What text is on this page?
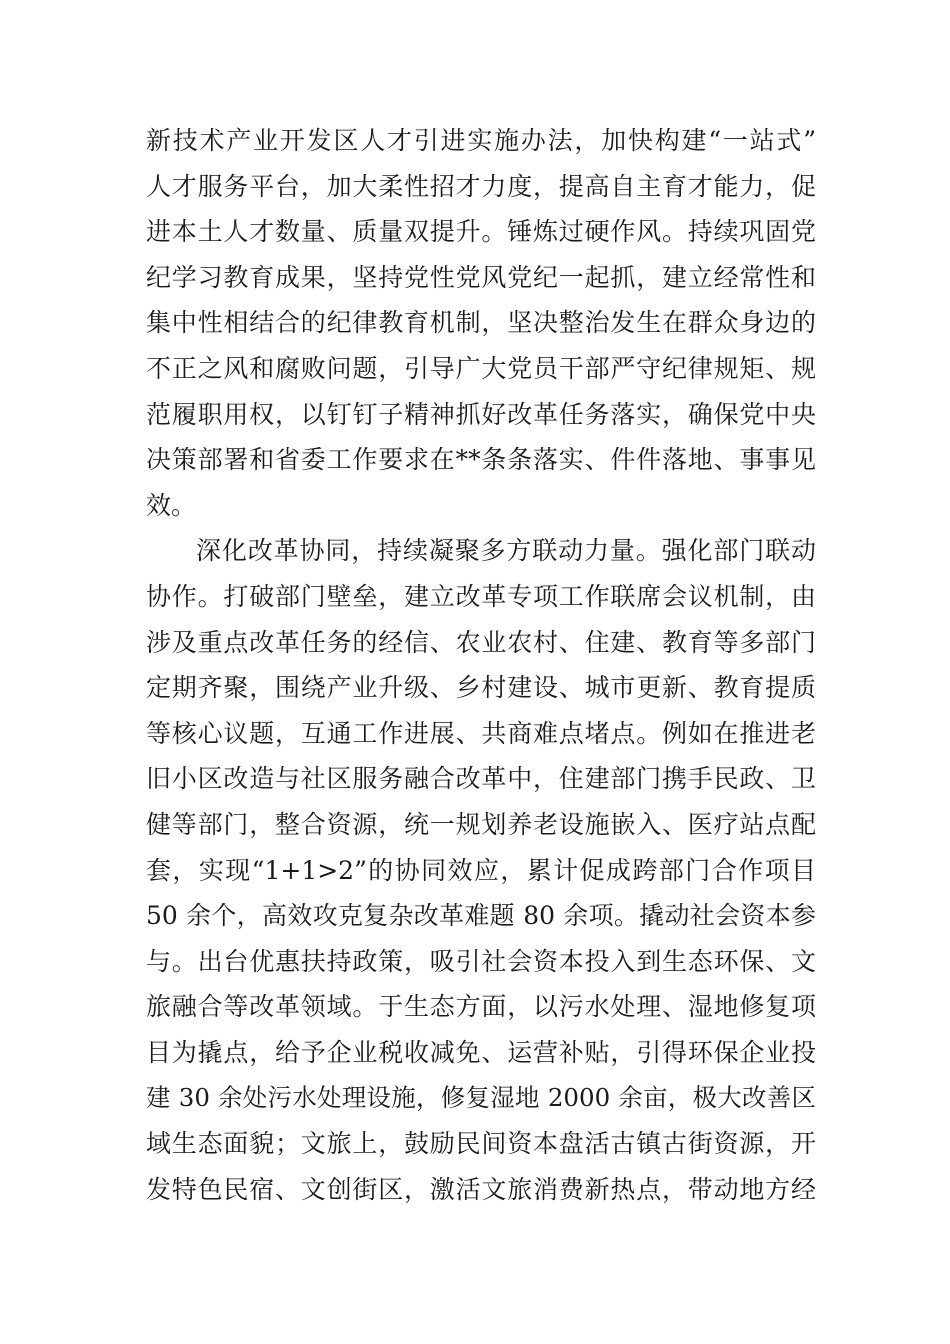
新技术产业开发区人才引进实施办法，加快构建“一站式”
人才服务平台，加大柔性招才力度，提高自主育才能力，促
进本土人才数量、质量双提升。锤炼过硬作风。持续巩固党
纪学习教育成果，坚持党性党风党纪一起抓，建立经常性和
集中性相结合的纪律教育机制，坚决整治发生在群众身边的
不正之风和腐败问题，引导广大党员干部严守纪律规矩、规
范履职用权，以钉钉子精神抓好改革任务落实，确保党中央
决策部署和省委工作要求在**条条落实、件件落地、事事见
效。
深化改革协同，持续凝聚多方联动力量。强化部门联动
协作。打破部门壁垒，建立改革专项工作联席会议机制，由
涉及重点改革任务的经信、农业农村、住建、教育等多部门
定期齐聚，围绕产业升级、乡村建设、城市更新、教育提质
等核心议题，互通工作进展、共商难点堵点。例如在推进老
旧小区改造与社区服务融合改革中，住建部门携手民政、卫
健等部门，整合资源，统一规划养老设施嵌入、医疗站点配
套，实现“1+1>2”的协同效应，累计促成跨部门合作项目
50 余个，高效攻克复杂改革难题 80 余项。撬动社会资本参
与。出台优惠扶持政策，吸引社会资本投入到生态环保、文
旅融合等改革领域。于生态方面，以污水处理、湿地修复项
目为撬点，给予企业税收减免、运营补贴，引得环保企业投
建 30 余处污水处理设施，修复湿地 2000 余亩，极大改善区
域生态面貌；文旅上，鼓励民间资本盘活古镇古街资源，开
发特色民宿、文创街区，激活文旅消费新热点，带动地方经
